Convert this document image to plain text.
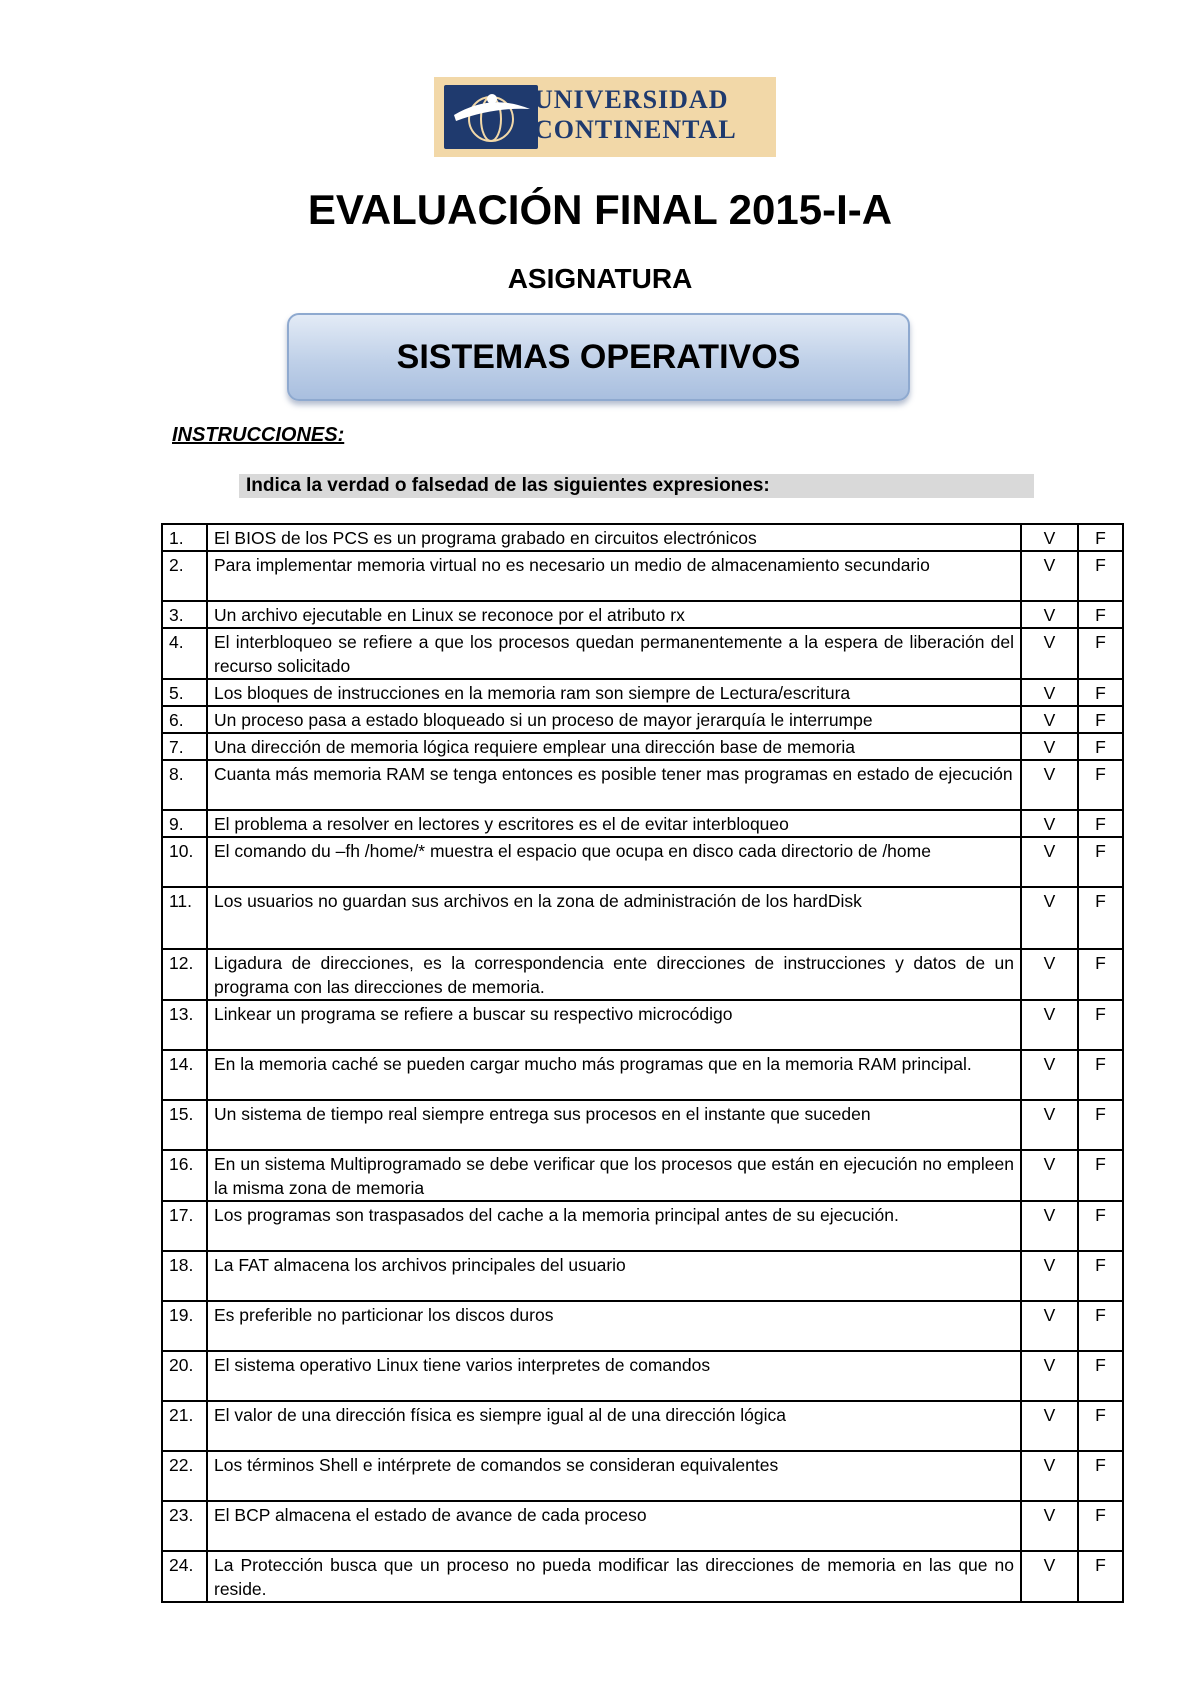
UNIVERSIDAD
CONTINENTAL
EVALUACIÓN FINAL 2015-I-A
ASIGNATURA
SISTEMAS OPERATIVOS
INSTRUCCIONES:
Indica la verdad o falsedad de las siguientes expresiones:
1.	El BIOS de los PCS es un programa grabado en circuitos electrónicos	V	F
2.	Para implementar memoria virtual no es necesario un medio de almacenamiento secundario	V	F
3.	Un archivo ejecutable en Linux se reconoce por el atributo rx	V	F
4.	El interbloqueo se refiere a que los procesos quedan permanentemente a la espera de liberación del recurso solicitado	V	F
5.	Los bloques de instrucciones en la memoria ram son siempre de Lectura/escritura	V	F
6.	Un proceso pasa a estado bloqueado si un proceso de mayor jerarquía le interrumpe	V	F
7.	Una dirección de memoria lógica requiere emplear una dirección base de memoria	V	F
8.	Cuanta más memoria RAM se tenga entonces es posible tener mas programas en estado de ejecución	V	F
9.	El problema a resolver en lectores y escritores es el de evitar interbloqueo	V	F
10.	El comando du –fh /home/* muestra el espacio que ocupa en disco cada directorio de /home	V	F
11.	Los usuarios no guardan sus archivos en la zona de administración de los hardDisk	V	F
12.	Ligadura de direcciones, es la correspondencia ente direcciones de instrucciones y datos de un programa con las direcciones de memoria.	V	F
13.	Linkear un programa se refiere a buscar su respectivo microcódigo	V	F
14.	En la memoria caché se pueden cargar mucho más programas que en la memoria RAM principal.	V	F
15.	Un sistema de tiempo real siempre entrega sus procesos en el instante que suceden	V	F
16.	En un sistema Multiprogramado se debe verificar que los procesos que están en ejecución no empleen la misma zona de memoria	V	F
17.	Los programas son traspasados del cache a la memoria principal antes de su ejecución.	V	F
18.	La FAT almacena los archivos principales del usuario	V	F
19.	Es preferible no particionar los discos duros	V	F
20.	El sistema operativo Linux tiene varios interpretes de comandos	V	F
21.	El valor de una dirección física es siempre igual al de una dirección lógica	V	F
22.	Los términos Shell e intérprete de comandos se consideran equivalentes	V	F
23.	El BCP almacena el estado de avance de cada proceso	V	F
24.	La Protección busca que un proceso no pueda modificar las direcciones de memoria en las que no reside.	V	F
